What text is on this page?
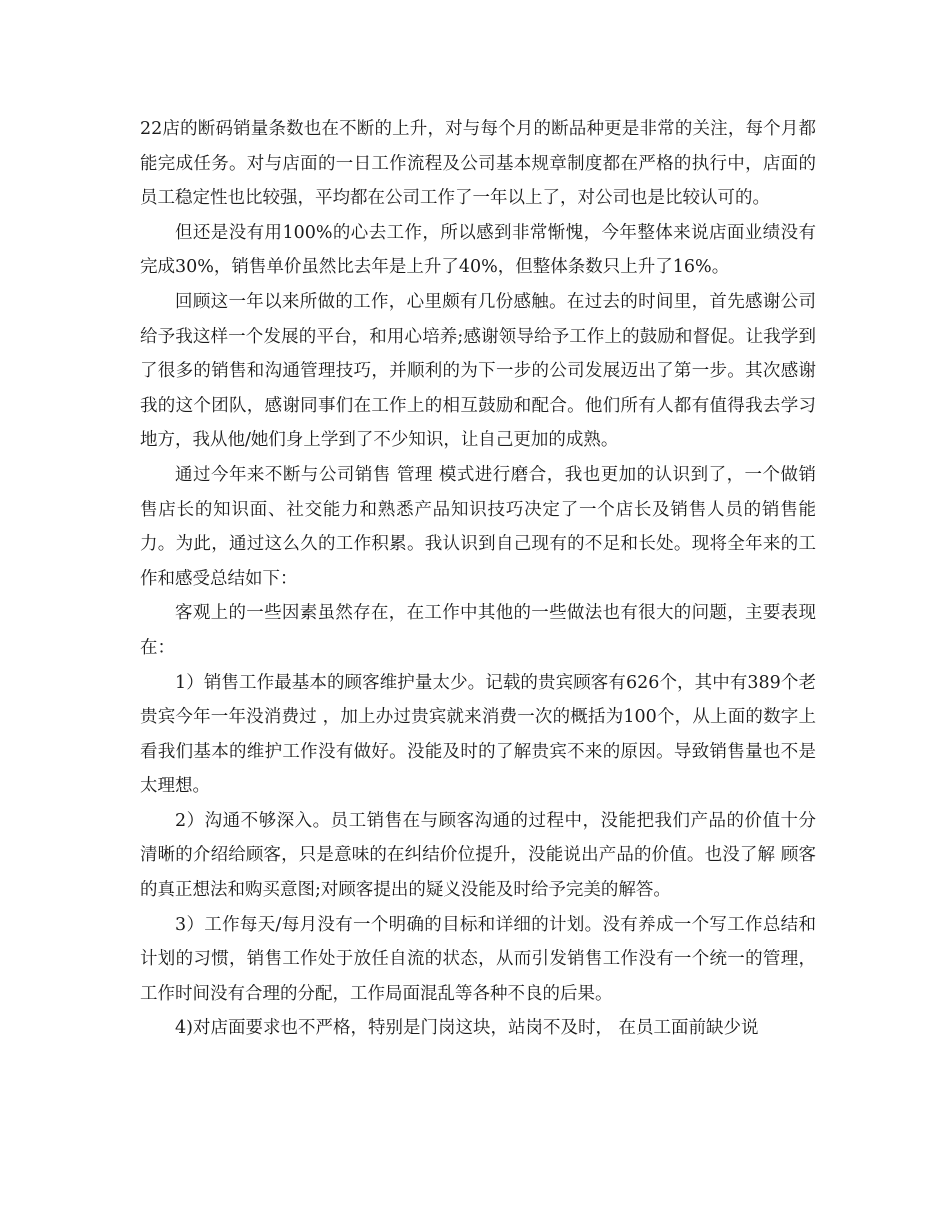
22店的断码销量条数也在不断的上升，对与每个月的断品种更是非常的关注，每个月都能完成任务。对与店面的一日工作流程及公司基本规章制度都在严格的执行中，店面的员工稳定性也比较强，平均都在公司工作了一年以上了，对公司也是比较认可的。

但还是没有用100%的心去工作，所以感到非常惭愧，今年整体来说店面业绩没有完成30%，销售单价虽然比去年是上升了40%，但整体条数只上升了16%。

回顾这一年以来所做的工作，心里颇有几份感触。在过去的时间里，首先感谢公司给予我这样一个发展的平台，和用心培养;感谢领导给予工作上的鼓励和督促。让我学到了很多的销售和沟通管理技巧，并顺利的为下一步的公司发展迈出了第一步。其次感谢我的这个团队，感谢同事们在工作上的相互鼓励和配合。他们所有人都有值得我去学习地方，我从他/她们身上学到了不少知识，让自己更加的成熟。

通过今年来不断与公司销售 管理 模式进行磨合，我也更加的认识到了，一个做销售店长的知识面、社交能力和熟悉产品知识技巧决定了一个店长及销售人员的销售能力。为此，通过这么久的工作积累。我认识到自己现有的不足和长处。现将全年来的工作和感受总结如下：

客观上的一些因素虽然存在，在工作中其他的一些做法也有很大的问题，主要表现在：

1）销售工作最基本的顾客维护量太少。记载的贵宾顾客有626个，其中有389个老贵宾今年一年没消费过 ，加上办过贵宾就来消费一次的概括为100个，从上面的数字上看我们基本的维护工作没有做好。没能及时的了解贵宾不来的原因。导致销售量也不是太理想。

2）沟通不够深入。员工销售在与顾客沟通的过程中，没能把我们产品的价值十分清晰的介绍给顾客，只是意味的在纠结价位提升，没能说出产品的价值。也没了解 顾客的真正想法和购买意图;对顾客提出的疑义没能及时给予完美的解答。

3）工作每天/每月没有一个明确的目标和详细的计划。没有养成一个写工作总结和计划的习惯，销售工作处于放任自流的状态，从而引发销售工作没有一个统一的管理，工作时间没有合理的分配，工作局面混乱等各种不良的后果。

4)对店面要求也不严格，特别是门岗这块，站岗不及时， 在员工面前缺少说
